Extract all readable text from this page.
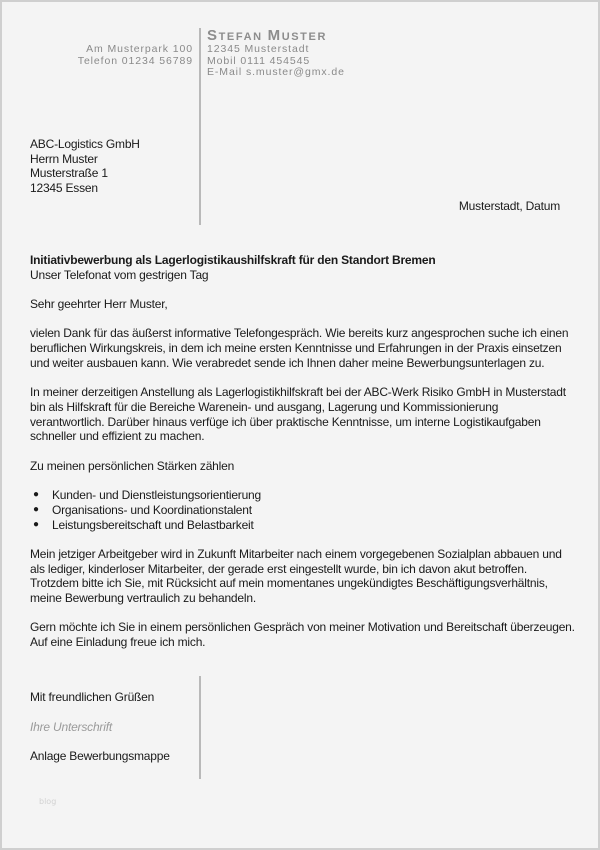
Am Musterpark 100
Telefon 01234 56789
Stefan Muster
12345 Musterstadt
Mobil 0111 454545
E-Mail s.muster@gmx.de
ABC-Logistics GmbH
Herrn Muster
Musterstraße 1
12345 Essen
Musterstadt, Datum

Initiativbewerbung als Lagerlogistikaushilfskraft für den Standort Bremen

Unser Telefonat vom gestrigen Tag

Sehr geehrter Herr Muster,

vielen Dank für das äußerst informative Telefongespräch. Wie bereits kurz angesprochen suche ich einen beruflichen Wirkungskreis, in dem ich meine ersten Kenntnisse und Erfahrungen in der Praxis einsetzen und weiter ausbauen kann. Wie verabredet sende ich Ihnen daher meine Bewerbungsunterlagen zu.

In meiner derzeitigen Anstellung als Lagerlogistikhilfskraft bei der ABC-Werk Risiko GmbH in Musterstadt bin als Hilfskraft für die Bereiche Warenein- und ausgang, Lagerung und Kommissionierung verantwortlich. Darüber hinaus verfüge ich über praktische Kenntnisse, um interne Logistikaufgaben schneller und effizient zu machen.

Zu meinen persönlichen Stärken zählen

● Kunden- und Dienstleistungsorientierung
● Organisations- und Koordinationstalent
● Leistungsbereitschaft und Belastbarkeit

Mein jetziger Arbeitgeber wird in Zukunft Mitarbeiter nach einem vorgegebenen Sozialplan abbauen und als lediger, kinderloser Mitarbeiter, der gerade erst eingestellt wurde, bin ich davon akut betroffen. Trotzdem bitte ich Sie, mit Rücksicht auf mein momentanes ungekündigtes Beschäftigungsverhältnis, meine Bewerbung vertraulich zu behandeln.

Gern möchte ich Sie in einem persönlichen Gespräch von meiner Motivation und Bereitschaft überzeugen. Auf eine Einladung freue ich mich.

Mit freundlichen Grüßen
Ihre Unterschrift
Anlage Bewerbungsmappe
blog
